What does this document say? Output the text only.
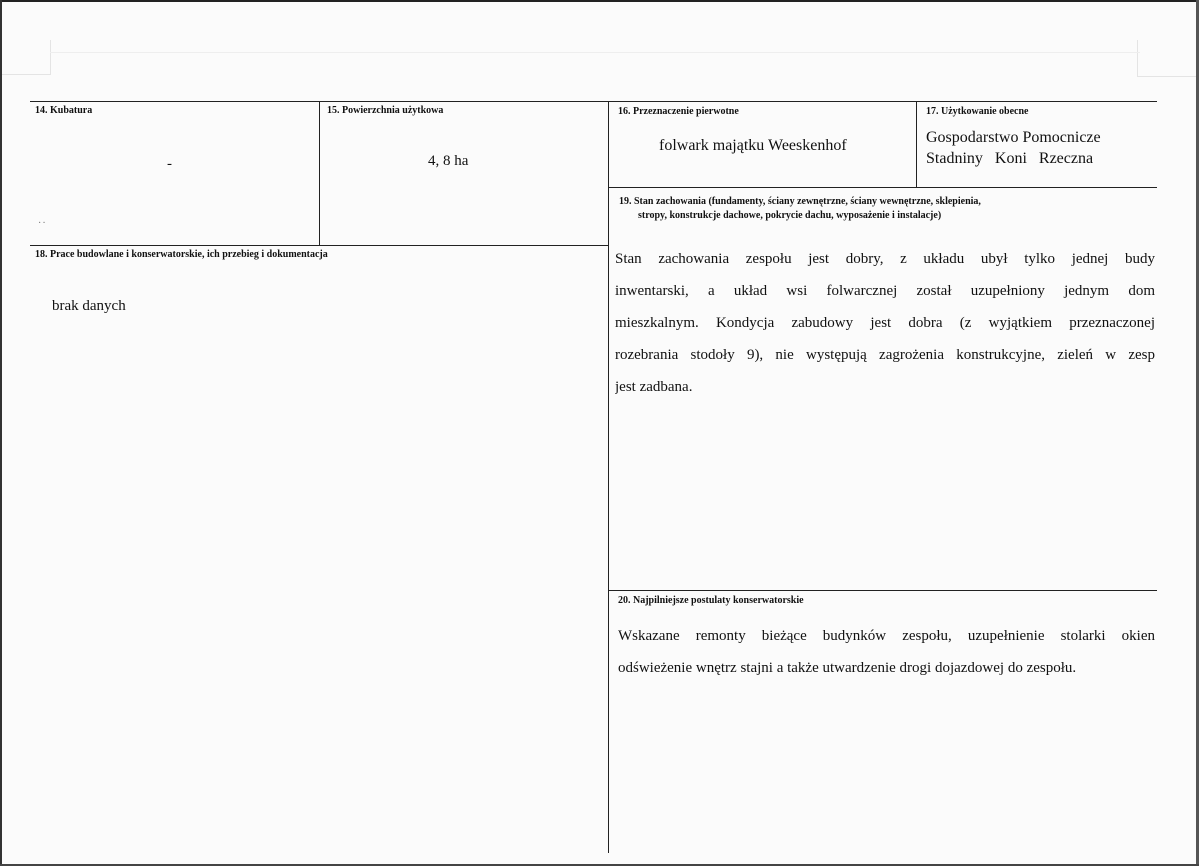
14. Kubatura
-
··
15. Powierzchnia użytkowa
4, 8 ha
16. Przeznaczenie pierwotne
folwark majątku Weeskenhof
17. Użytkowanie obecne
Gospodarstwo Pomocnicze
Stadniny   Koni   Rzeczna
19. Stan zachowania (fundamenty, ściany zewnętrzne, ściany wewnętrzne, sklepienia,
stropy, konstrukcje dachowe, pokrycie dachu, wyposażenie i instalacje)
Stan zachowania zespołu jest dobry, z układu ubył tylko jednej budy
inwentarski, a układ wsi folwarcznej został uzupełniony jednym dom
mieszkalnym. Kondycja zabudowy jest dobra (z wyjątkiem przeznaczonej
rozebrania stodoły 9), nie występują zagrożenia konstrukcyjne, zieleń w zesp
jest zadbana.
18. Prace budowlane i konserwatorskie, ich przebieg i dokumentacja
brak danych
20. Najpilniejsze postulaty konserwatorskie
Wskazane remonty bieżące budynków zespołu, uzupełnienie stolarki okien
odświeżenie wnętrz stajni a także utwardzenie drogi dojazdowej do zespołu.
